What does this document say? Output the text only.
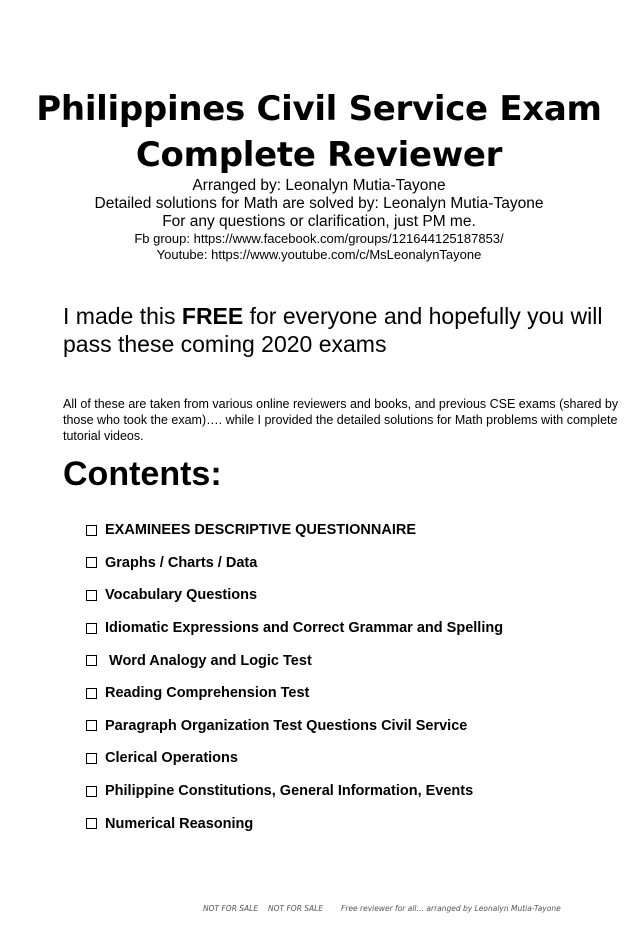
Philippines Civil Service Exam
Complete Reviewer
Arranged by: Leonalyn Mutia-Tayone
Detailed solutions for Math are solved by: Leonalyn Mutia-Tayone
For any questions or clarification, just PM me.
Fb group: https://www.facebook.com/groups/121644125187853/
Youtube: https://www.youtube.com/c/MsLeonalynTayone
I made this FREE for everyone and hopefully you will pass these coming 2020 exams
All of these are taken from various online reviewers and books, and previous CSE exams (shared by those who took the exam)…. while I provided the detailed solutions for Math problems with complete tutorial videos.
Contents:
EXAMINEES DESCRIPTIVE QUESTIONNAIRE
Graphs / Charts / Data
Vocabulary Questions
Idiomatic Expressions and Correct Grammar and Spelling
Word Analogy and Logic Test
Reading Comprehension Test
Paragraph Organization Test Questions Civil Service
Clerical Operations
Philippine Constitutions, General Information, Events
Numerical Reasoning
NOT FOR SALE NOT FOR SALE Free reviewer for all… arranged by Leonalyn Mutia-Tayone
